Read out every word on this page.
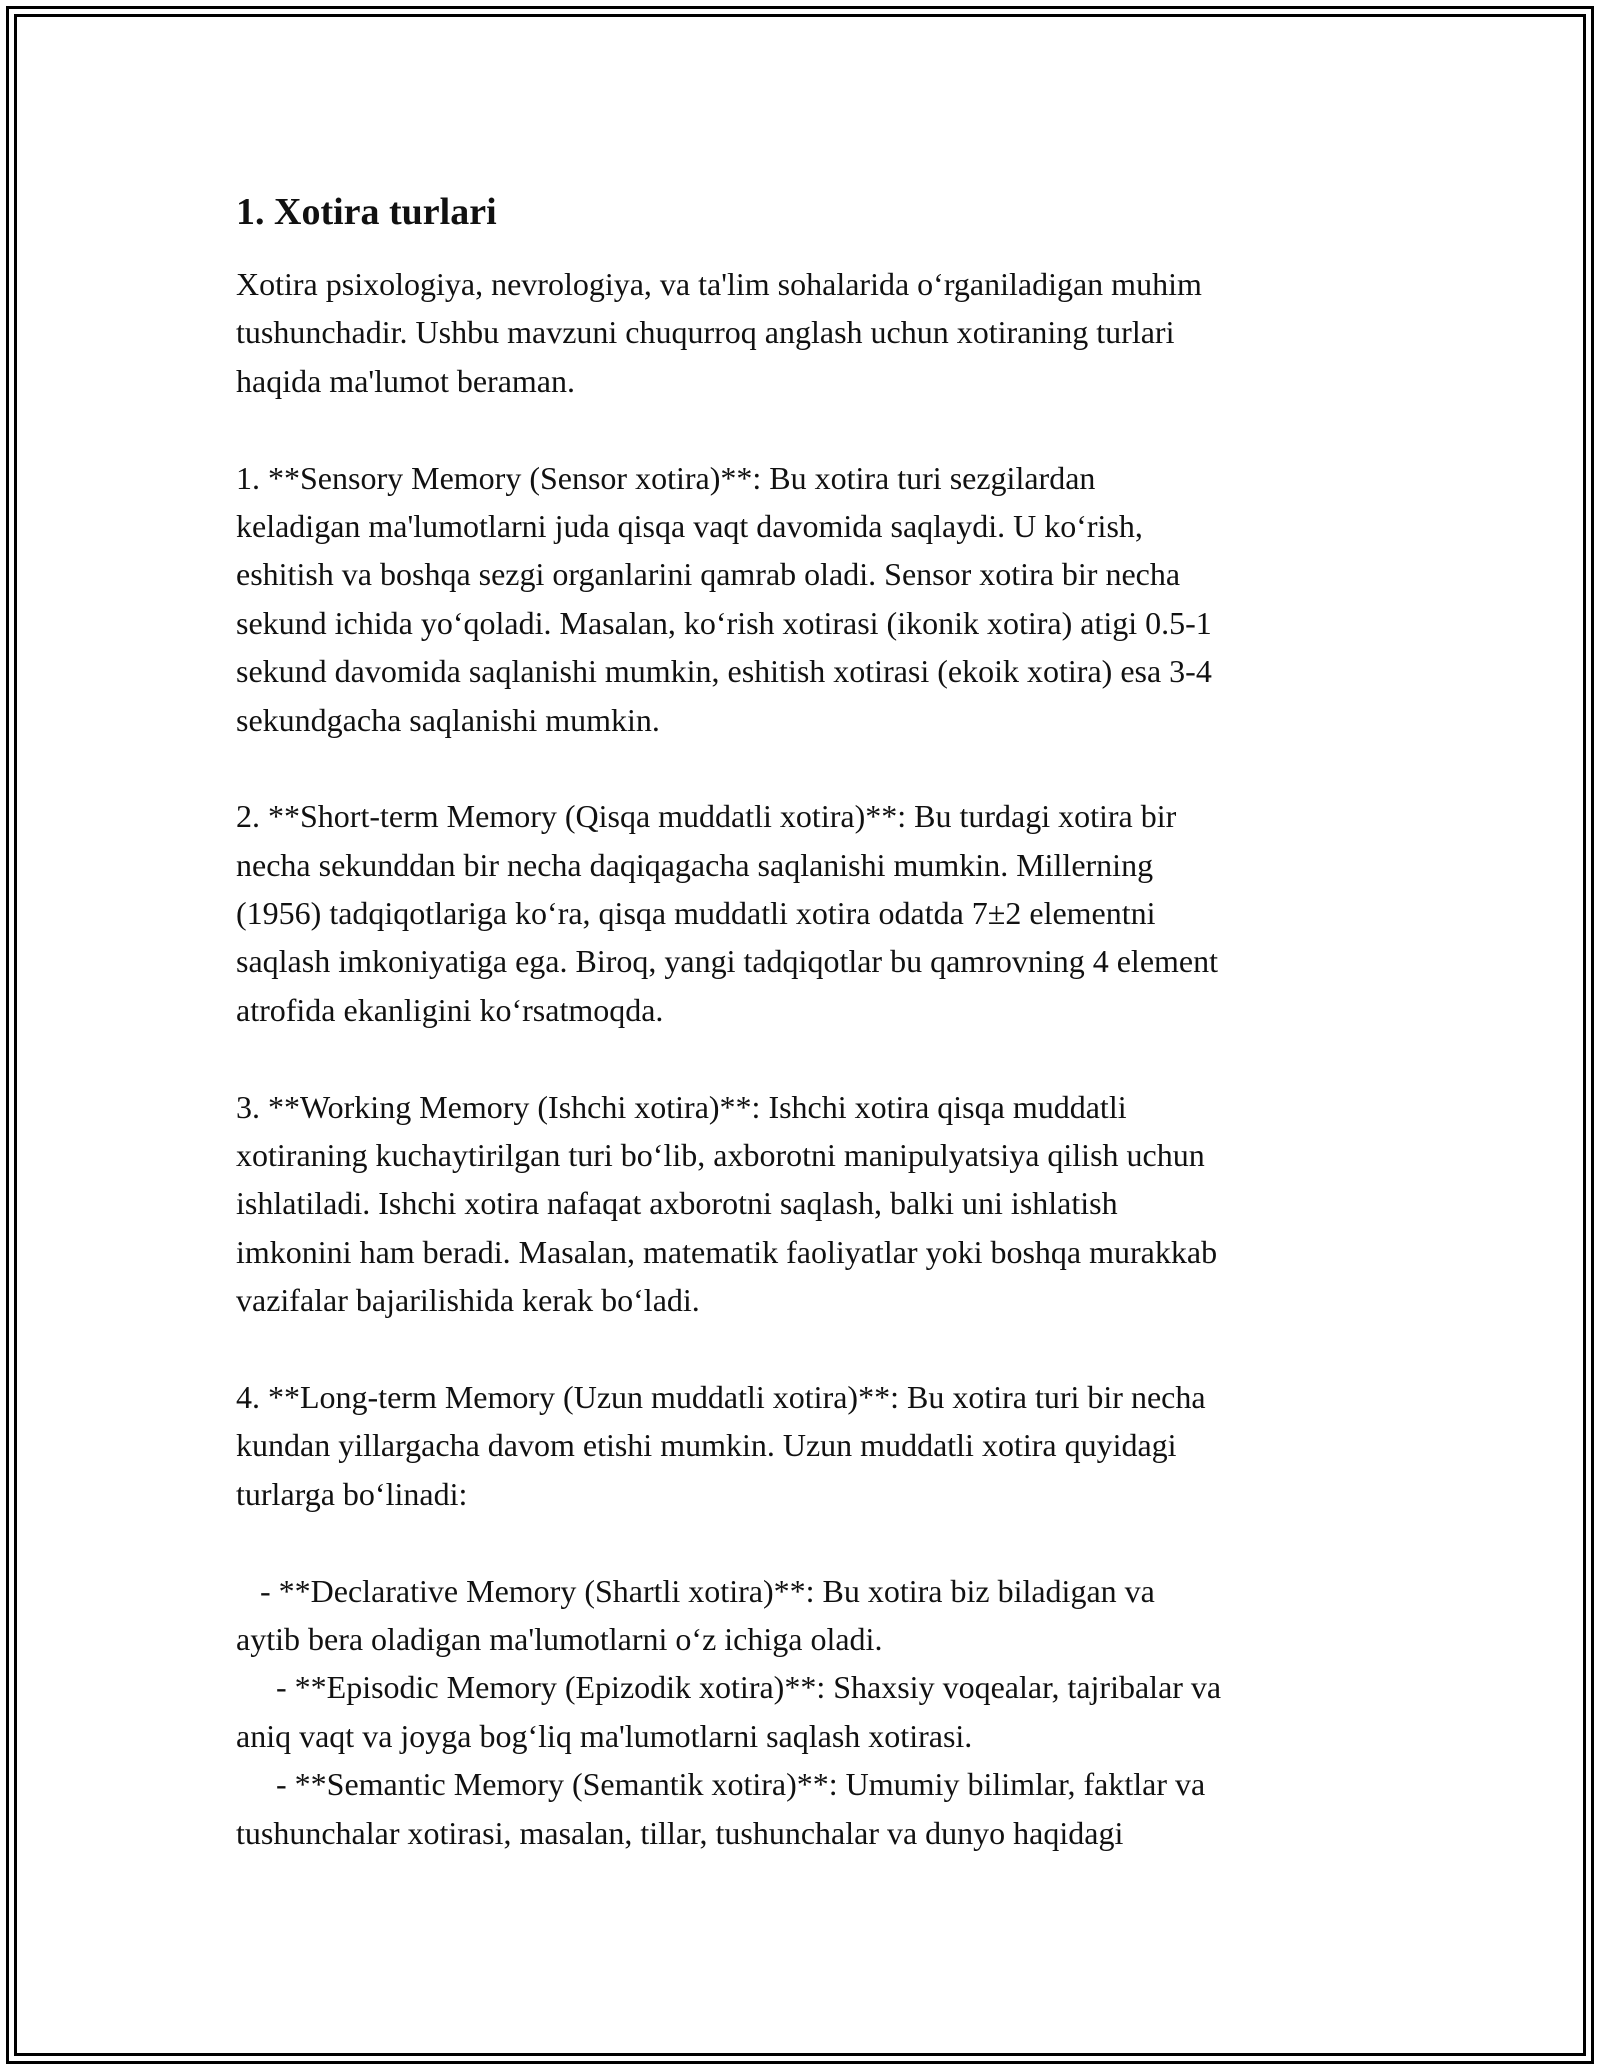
1. Xotira turlari
Xotira psixologiya, nevrologiya, va ta'lim sohalarida o‘rganiladigan muhim
tushunchadir. Ushbu mavzuni chuqurroq anglash uchun xotiraning turlari
haqida ma'lumot beraman.
1. **Sensory Memory (Sensor xotira)**: Bu xotira turi sezgilardan
keladigan ma'lumotlarni juda qisqa vaqt davomida saqlaydi. U ko‘rish,
eshitish va boshqa sezgi organlarini qamrab oladi. Sensor xotira bir necha
sekund ichida yo‘qoladi. Masalan, ko‘rish xotirasi (ikonik xotira) atigi 0.5-1
sekund davomida saqlanishi mumkin, eshitish xotirasi (ekoik xotira) esa 3-4
sekundgacha saqlanishi mumkin.
2. **Short-term Memory (Qisqa muddatli xotira)**: Bu turdagi xotira bir
necha sekunddan bir necha daqiqagacha saqlanishi mumkin. Millerning
(1956) tadqiqotlariga ko‘ra, qisqa muddatli xotira odatda 7±2 elementni
saqlash imkoniyatiga ega. Biroq, yangi tadqiqotlar bu qamrovning 4 element
atrofida ekanligini ko‘rsatmoqda.
3. **Working Memory (Ishchi xotira)**: Ishchi xotira qisqa muddatli
xotiraning kuchaytirilgan turi bo‘lib, axborotni manipulyatsiya qilish uchun
ishlatiladi. Ishchi xotira nafaqat axborotni saqlash, balki uni ishlatish
imkonini ham beradi. Masalan, matematik faoliyatlar yoki boshqa murakkab
vazifalar bajarilishida kerak bo‘ladi.
4. **Long-term Memory (Uzun muddatli xotira)**: Bu xotira turi bir necha
kundan yillargacha davom etishi mumkin. Uzun muddatli xotira quyidagi
turlarga bo‘linadi:
- **Declarative Memory (Shartli xotira)**: Bu xotira biz biladigan va
aytib bera oladigan ma'lumotlarni o‘z ichiga oladi.
- **Episodic Memory (Epizodik xotira)**: Shaxsiy voqealar, tajribalar va
aniq vaqt va joyga bog‘liq ma'lumotlarni saqlash xotirasi.
- **Semantic Memory (Semantik xotira)**: Umumiy bilimlar, faktlar va
tushunchalar xotirasi, masalan, tillar, tushunchalar va dunyo haqidagi
